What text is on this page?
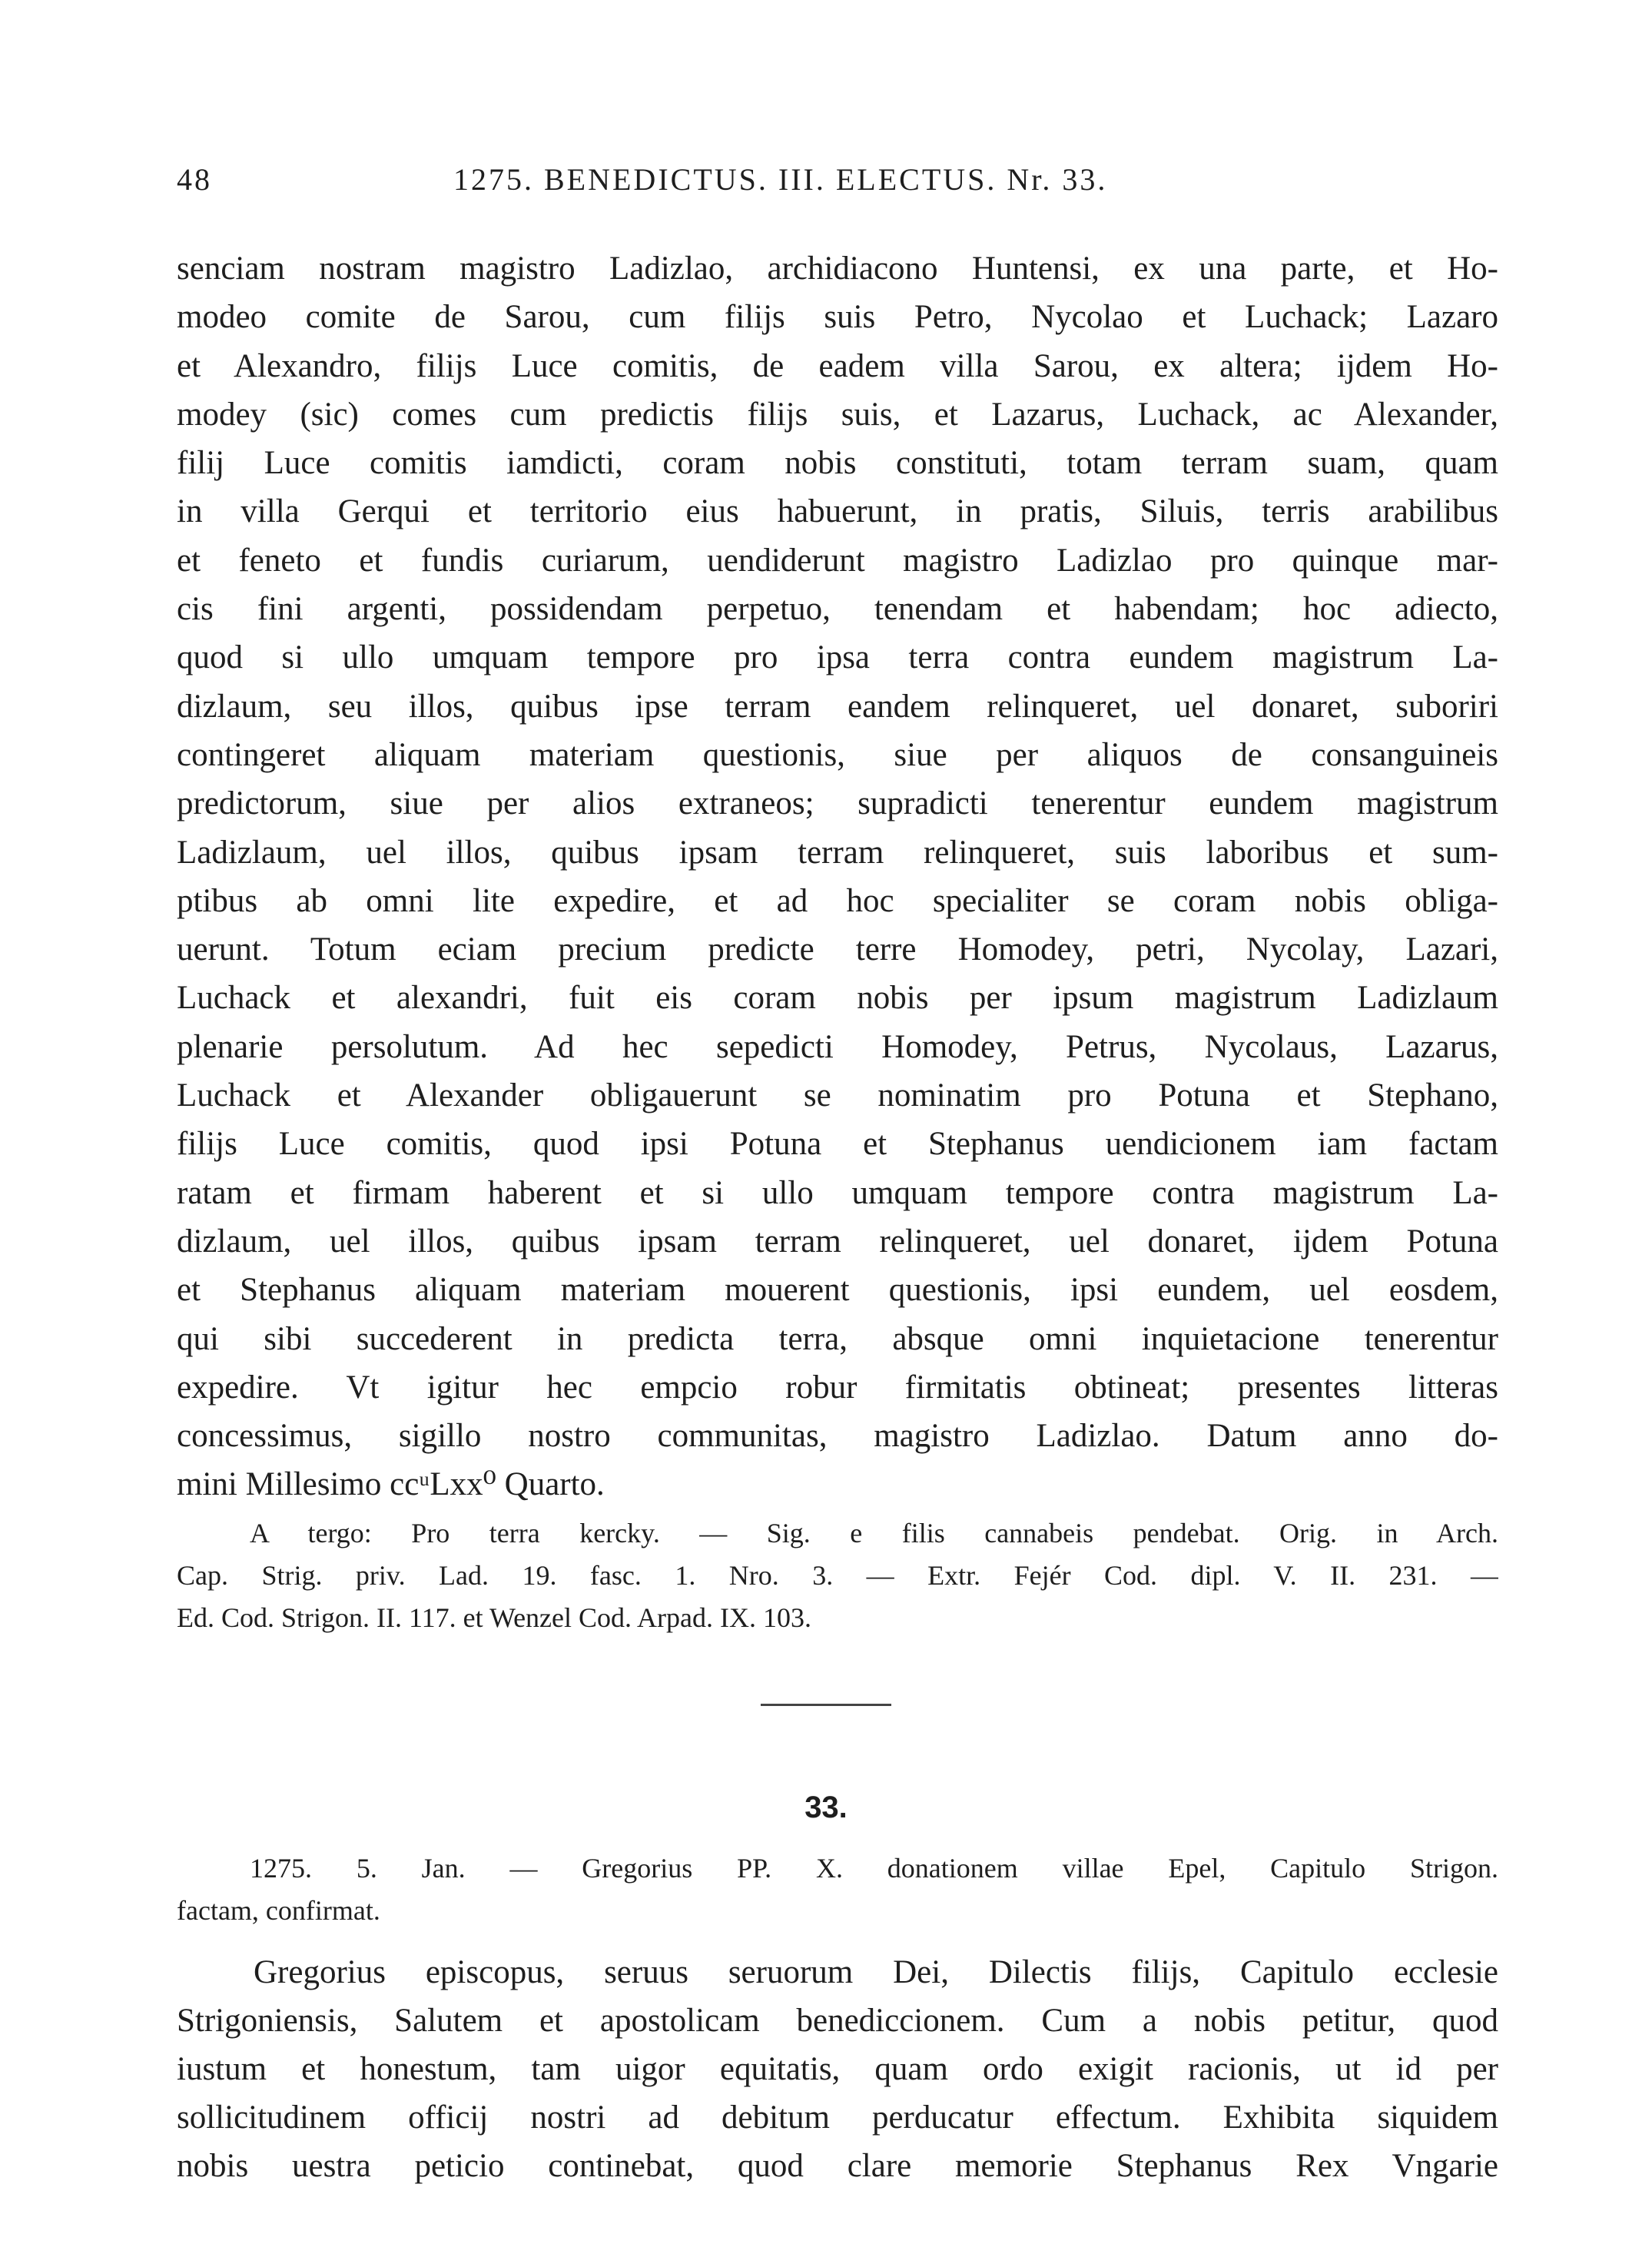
48	1275. BENEDICTUS. III. ELECTUS. Nr. 33.
senciam nostram magistro Ladizlao, archidiacono Huntensi, ex una parte, et Ho-
modeo comite de Sarou, cum filijs suis Petro, Nycolao et Luchack; Lazaro
et Alexandro, filijs Luce comitis, de eadem villa Sarou, ex altera; ijdem Ho-
modey (sic) comes cum predictis filijs suis, et Lazarus, Luchack, ac Alexander,
filij Luce comitis iamdicti, coram nobis constituti, totam terram suam, quam
in villa Gerqui et territorio eius habuerunt, in pratis, Siluis, terris arabilibus
et feneto et fundis curiarum, uendiderunt magistro Ladizlao pro quinque mar-
cis fini argenti, possidendam perpetuo, tenendam et habendam; hoc adiecto,
quod si ullo umquam tempore pro ipsa terra contra eundem magistrum La-
dizlaum, seu illos, quibus ipse terram eandem relinqueret, uel donaret, suboriri
contingeret aliquam materiam questionis, siue per aliquos de consanguineis
predictorum, siue per alios extraneos; supradicti tenerentur eundem magistrum
Ladizlaum, uel illos, quibus ipsam terram relinqueret, suis laboribus et sum-
ptibus ab omni lite expedire, et ad hoc specialiter se coram nobis obliga-
uerunt. Totum eciam precium predicte terre Homodey, petri, Nycolay, Lazari,
Luchack et alexandri, fuit eis coram nobis per ipsum magistrum Ladizlaum
plenarie persolutum. Ad hec sepedicti Homodey, Petrus, Nycolaus, Lazarus,
Luchack et Alexander obligauerunt se nominatim pro Potuna et Stephano,
filijs Luce comitis, quod ipsi Potuna et Stephanus uendicionem iam factam
ratam et firmam haberent et si ullo umquam tempore contra magistrum La-
dizlaum, uel illos, quibus ipsam terram relinqueret, uel donaret, ijdem Potuna
et Stephanus aliquam materiam mouerent questionis, ipsi eundem, uel eosdem,
qui sibi succederent in predicta terra, absque omni inquietacione tenerentur
expedire. Vt igitur hec empcio robur firmitatis obtineat; presentes litteras
concessimus, sigillo nostro communitas, magistro Ladizlao. Datum anno do-
mini Millesimo ccᵘLxx⁰ Quarto.
A tergo: Pro terra kercky. — Sig. e filis cannabeis pendebat. Orig. in Arch.
Cap. Strig. priv. Lad. 19. fasc. 1. Nro. 3. — Extr. Fejér Cod. dipl. V. II. 231. —
Ed. Cod. Strigon. II. 117. et Wenzel Cod. Arpad. IX. 103.
33.
1275. 5. Jan. — Gregorius PP. X. donationem villae Epel, Capitulo Strigon.
factam, confirmat.
Gregorius episcopus, seruus seruorum Dei, Dilectis filijs, Capitulo ecclesie
Strigoniensis, Salutem et apostolicam benediccionem. Cum a nobis petitur, quod
iustum et honestum, tam uigor equitatis, quam ordo exigit racionis, ut id per
sollicitudinem officij nostri ad debitum perducatur effectum. Exhibita siquidem
nobis uestra peticio continebat, quod clare memorie Stephanus Rex Vngarie
